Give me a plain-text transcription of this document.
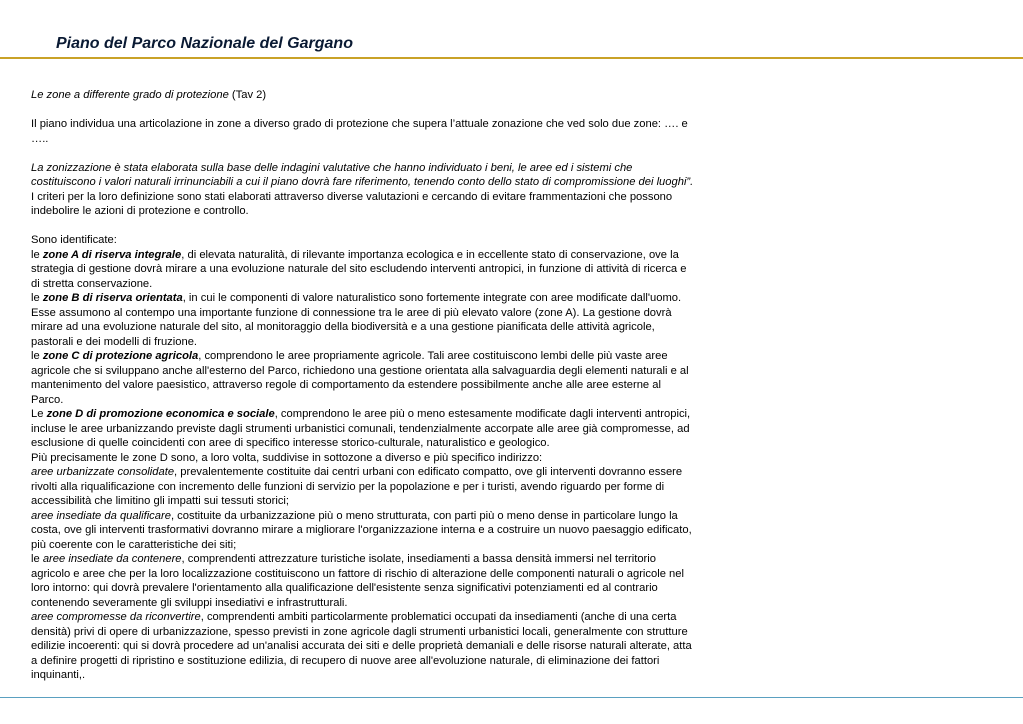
Piano del Parco Nazionale del Gargano

Le zone a differente grado di protezione (Tav 2)

Il piano individua una articolazione in zone a diverso grado di protezione che supera l’attuale zonazione che ved solo due zone: …. e …..

La zonizzazione è stata elaborata sulla base delle indagini valutative che hanno individuato i beni, le aree ed i sistemi che costituiscono i valori naturali irrinunciabili a cui il piano dovrà fare riferimento, tenendo conto dello stato di compromissione dei luoghi”.

I criteri per la loro definizione sono stati elaborati attraverso diverse valutazioni e cercando di evitare frammentazioni che possono indebolire le azioni di protezione e controllo.

Sono identificate:

le zone A di riserva integrale, di elevata naturalità, di rilevante importanza ecologica e in eccellente stato di conservazione, ove la strategia di gestione dovrà mirare a una evoluzione naturale del sito escludendo interventi antropici, in funzione di attività di ricerca e di stretta conservazione.

le zone B di riserva orientata, in cui le componenti di valore naturalistico sono fortemente integrate con aree modificate dall'uomo. Esse assumono al contempo una importante funzione di connessione tra le aree di più elevato valore (zone A). La gestione dovrà mirare ad una evoluzione naturale del sito, al monitoraggio della biodiversità e a una gestione pianificata delle attività agricole, pastorali e dei modelli di fruzione.

le zone C di protezione agricola, comprendono le aree propriamente agricole. Tali aree costituiscono lembi delle più vaste aree agricole che si sviluppano anche all'esterno del Parco, richiedono una gestione orientata alla salvaguardia degli elementi naturali e al mantenimento del valore paesistico, attraverso regole di comportamento da estendere possibilmente anche alle aree esterne al Parco.

Le zone D di promozione economica e sociale, comprendono le aree più o meno estesamente modificate dagli interventi antropici, incluse le aree urbanizzando previste dagli strumenti urbanistici comunali, tendenzialmente accorpate alle aree già compromesse, ad esclusione di quelle coincidenti con aree di specifico interesse storico-culturale, naturalistico e geologico.

Più precisamente le zone D sono, a loro volta, suddivise in sottozone a diverso e più specifico indirizzo:

aree urbanizzate consolidate, prevalentemente costituite dai centri urbani con edificato compatto, ove gli interventi dovranno essere rivolti alla riqualificazione con incremento delle funzioni di servizio per la popolazione e per i turisti, avendo riguardo per forme di accessibilità che limitino gli impatti sui tessuti storici;

aree insediate da qualificare, costituite da urbanizzazione più o meno strutturata, con parti più o meno dense in particolare lungo la costa, ove gli interventi trasformativi dovranno mirare a migliorare l'organizzazione interna e a costruire un nuovo paesaggio edificato, più coerente con le caratteristiche dei siti;

le aree insediate da contenere, comprendenti attrezzature turistiche isolate, insediamenti a bassa densità immersi nel territorio agricolo e aree che per la loro localizzazione costituiscono un fattore di rischio di alterazione delle componenti naturali o agricole nel loro intorno: qui dovrà prevalere l'orientamento alla qualificazione dell'esistente senza significativi potenziamenti ed al contrario contenendo severamente gli sviluppi insediativi e infrastrutturali.

aree compromesse da riconvertire, comprendenti ambiti particolarmente problematici occupati da insediamenti (anche di una certa densità) privi di opere di urbanizzazione, spesso previsti in zone agricole dagli strumenti urbanistici locali, generalmente con strutture edilizie incoerenti: qui si dovrà procedere ad un'analisi accurata dei siti e delle proprietà demaniali e delle risorse naturali alterate, atta a definire progetti di ripristino e sostituzione edilizia, di recupero di nuove aree all'evoluzione naturale, di eliminazione dei fattori inquinanti,.
